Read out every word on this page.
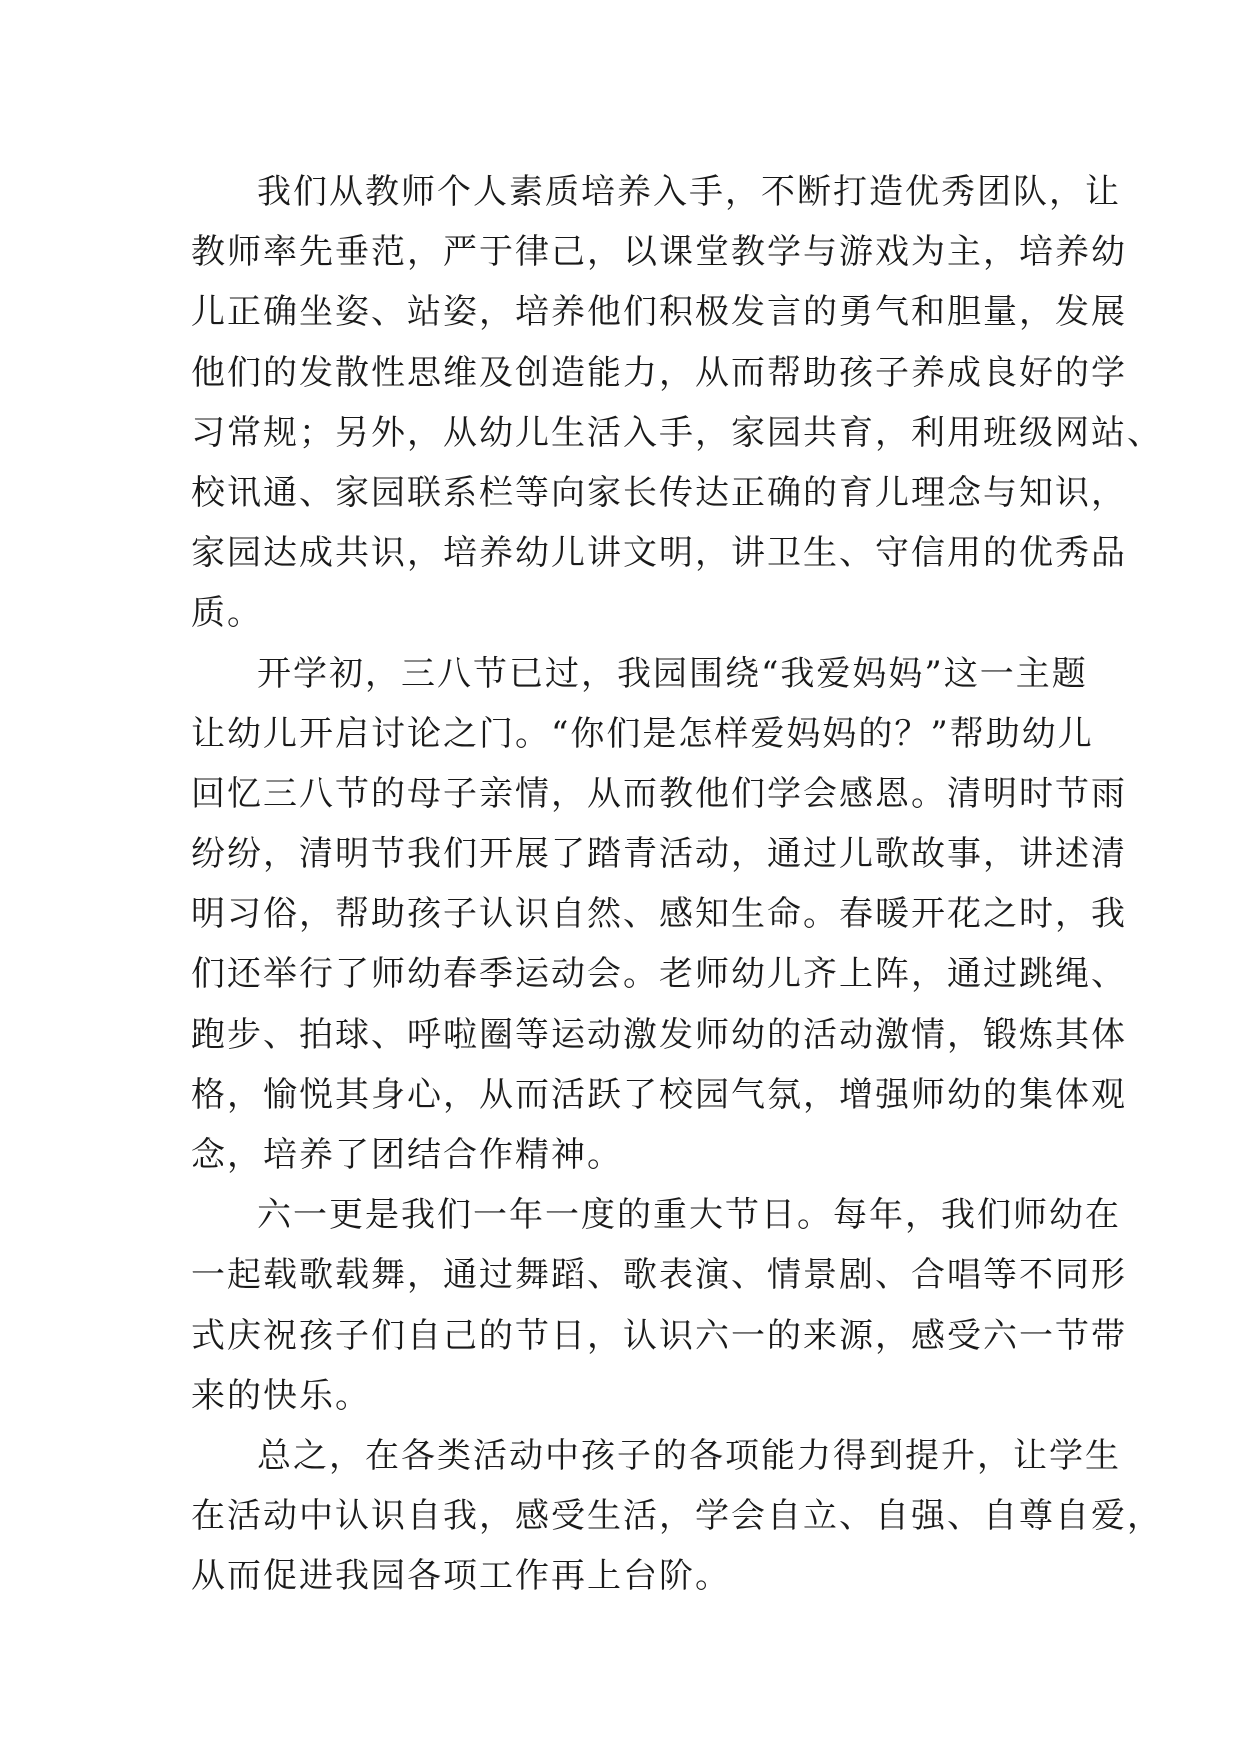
我们从教师个人素质培养入手，不断打造优秀团队，让
教师率先垂范，严于律己，以课堂教学与游戏为主，培养幼
儿正确坐姿、站姿，培养他们积极发言的勇气和胆量，发展
他们的发散性思维及创造能力，从而帮助孩子养成良好的学
习常规；另外，从幼儿生活入手，家园共育，利用班级网站、
校讯通、家园联系栏等向家长传达正确的育儿理念与知识，
家园达成共识，培养幼儿讲文明，讲卫生、守信用的优秀品
质。
开学初，三八节已过，我园围绕“我爱妈妈”这一主题
让幼儿开启讨论之门。“你们是怎样爱妈妈的？”帮助幼儿
回忆三八节的母子亲情，从而教他们学会感恩。清明时节雨
纷纷，清明节我们开展了踏青活动，通过儿歌故事，讲述清
明习俗，帮助孩子认识自然、感知生命。春暖开花之时，我
们还举行了师幼春季运动会。老师幼儿齐上阵，通过跳绳、
跑步、拍球、呼啦圈等运动激发师幼的活动激情，锻炼其体
格，愉悦其身心，从而活跃了校园气氛，增强师幼的集体观
念，培养了团结合作精神。
六一更是我们一年一度的重大节日。每年，我们师幼在
一起载歌载舞，通过舞蹈、歌表演、情景剧、合唱等不同形
式庆祝孩子们自己的节日，认识六一的来源，感受六一节带
来的快乐。
总之，在各类活动中孩子的各项能力得到提升，让学生
在活动中认识自我，感受生活，学会自立、自强、自尊自爱，
从而促进我园各项工作再上台阶。
